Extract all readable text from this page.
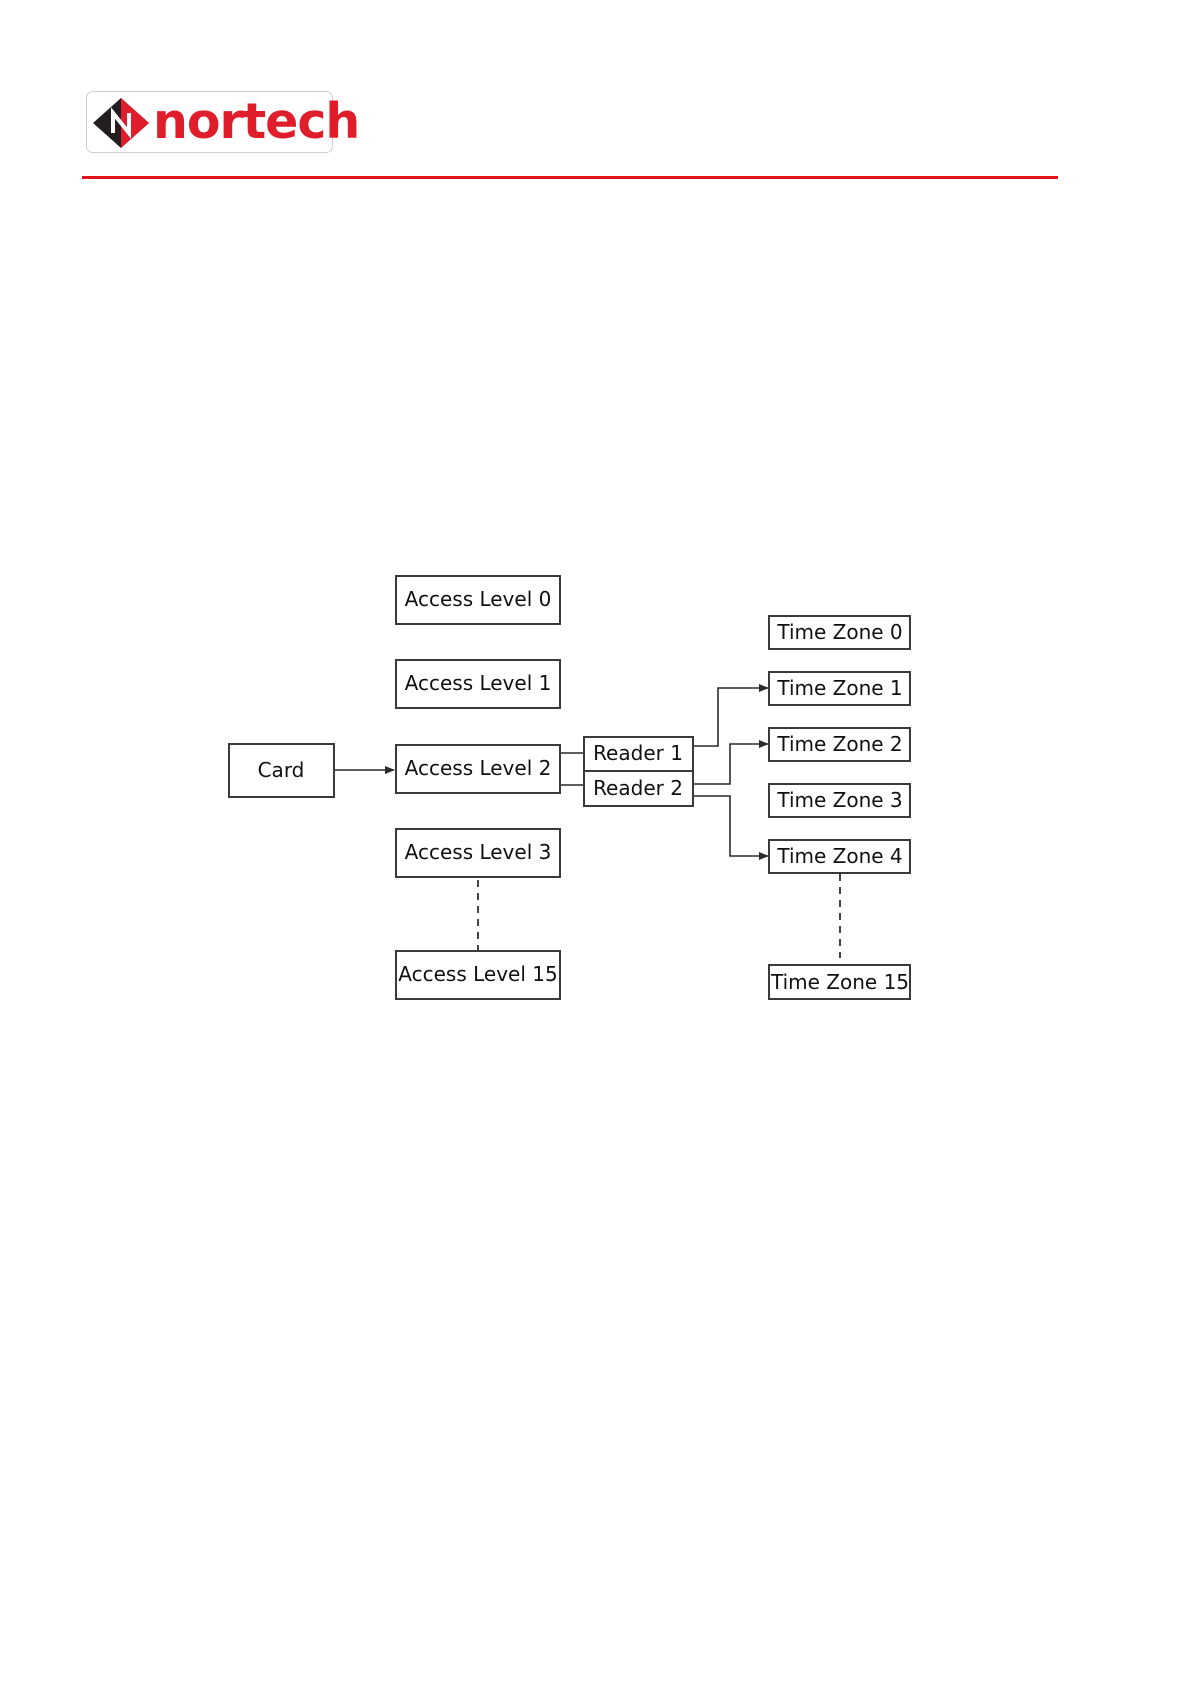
nortech
Card
Access Level 0
Access Level 1
Access Level 2
Access Level 3
Access Level 15
Reader 1
Reader 2
Time Zone 0
Time Zone 1
Time Zone 2
Time Zone 3
Time Zone 4
Time Zone 15
